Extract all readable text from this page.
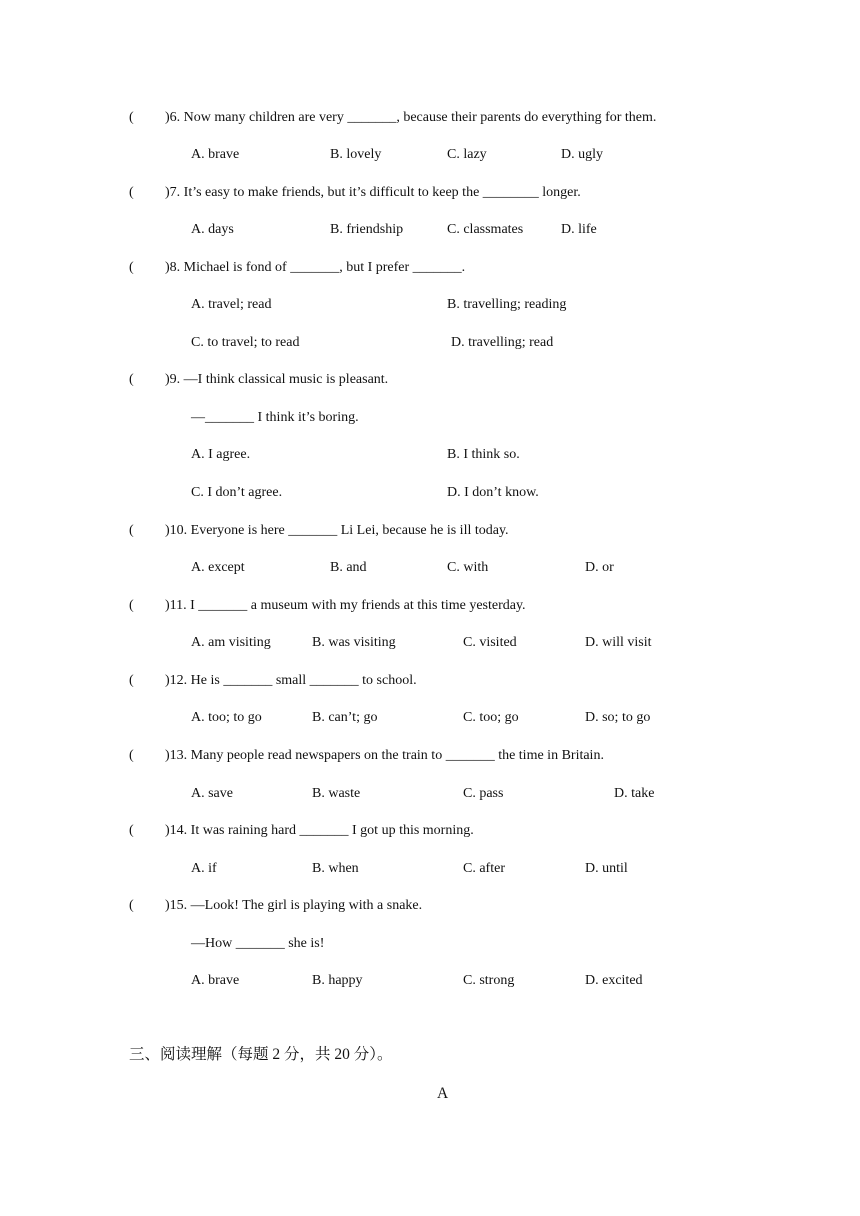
( )6. Now many children are very _______, because their parents do everything for them.
A. brave	B. lovely	C. lazy	D. ugly
( )7. It’s easy to make friends, but it’s difficult to keep the ________ longer.
A. days	B. friendship	C. classmates	D. life
( )8. Michael is fond of _______, but I prefer _______.
A. travel; read	B. travelling; reading
C. to travel; to read	D. travelling; read
( )9. —I think classical music is pleasant.
—_______ I think it’s boring.
A. I agree.	B. I think so.
C. I don’t agree.	D. I don’t know.
( )10. Everyone is here _______ Li Lei, because he is ill today.
A. except	B. and	C. with	D. or
( )11. I _______ a museum with my friends at this time yesterday.
A. am visiting	B. was visiting	C. visited	D. will visit
( )12. He is _______ small _______ to school.
A. too; to go	B. can’t; go	C. too; go	D. so; to go
( )13. Many people read newspapers on the train to _______ the time in Britain.
A. save	B. waste	C. pass	D. take
( )14. It was raining hard _______ I got up this morning.
A. if	B. when	C. after	D. until
( )15. —Look! The girl is playing with a snake.
—How _______ she is!
A. brave	B. happy	C. strong	D. excited
三、阅读理解（每题 2 分，共 20 分）。
A
